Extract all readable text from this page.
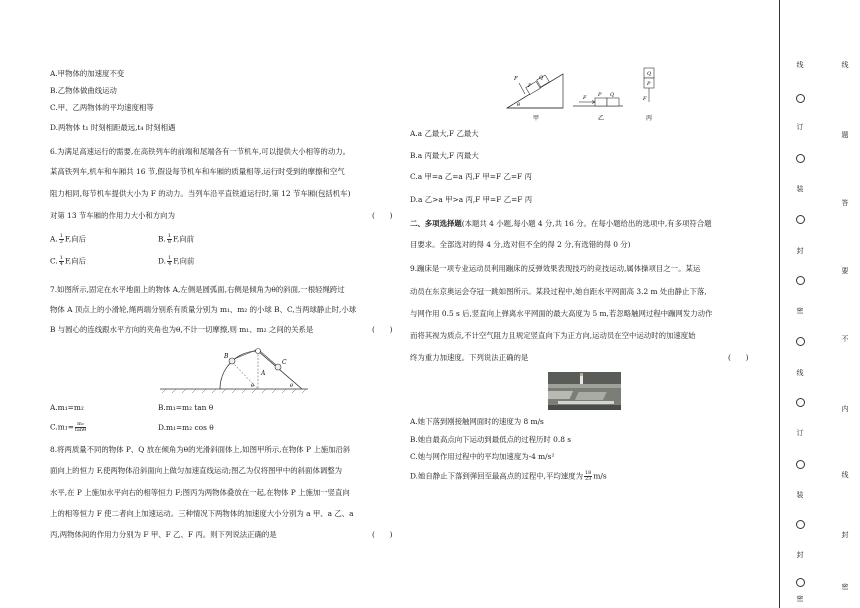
A.甲物体的加速度不变
B.乙物体做曲线运动
C.甲、乙两物体的平均速度相等
D.两物体 t₁ 时刻相距最远,t₄ 时刻相遇
6.为满足高速运行的需要,在高铁列车的前端和尾端各有一节机车,可以提供大小相等的动力。
某高铁列车,机车和车厢共 16 节,假设每节机车和车厢的质量相等,运行时受到的摩擦和空气
阻力相同,每节机车提供大小为 F 的动力。当列车沿平直铁道运行时,第 12 节车厢(包括机车)
对第 13 节车厢的作用力大小和方向为	(　　)
A. $\frac{1}{2} F$,向后	B. $\frac{1}{8} F$,向前
C. $\frac{1}{4} F$,向后	D. $\frac{1}{4} F$,向前
7.如图所示,固定在水平地面上的物体 A,左侧是圆弧面,右侧是倾角为θ的斜面,一根轻绳跨过
物体 A 顶点上的小滑轮,绳两端分别系有质量分别为 m₁、m₂ 的小球 B、C,当两球静止时,小球
B 与圆心的连线跟水平方向的夹角也为θ,不计一切摩擦,则 m₁、m₂ 之间的关系是	(　　)
B
C
A
θ	θ
A.m₁=m₂	B.m₁=m₂ tan θ
$C.m_1= \frac{\text{m₂}}{\tan\theta}$	D.m₁=m₂ cos θ
8.将两质量不同的物体 P、Q 放在倾角为θ的光滑斜面体上,如图甲所示,在物体 P 上施加沿斜
面向上的恒力 F,使两物体沿斜面向上做匀加速直线运动;图乙为仅将图甲中的斜面体调整为
水平,在 P 上施加水平向右的相等恒力 F;图丙为两物体叠放在一起,在物体 P 上施加一竖直向
上的相等恒力 F 使二者向上加速运动。三种情况下两物体的加速度大小分别为 a 甲、a 乙、a
丙,两物体间的作用力分别为 F 甲、F 乙、F 丙。则下列说法正确的是	(　　)
F
P
Q
θ
甲
F P Q
乙
Q
P
F
丙
A.a 乙最大,F 乙最大
B.a 丙最大,F 丙最大
C.a 甲=a 乙=a 丙,F 甲=F 乙=F 丙
D.a 乙>a 甲>a 丙,F 甲=F 乙=F 丙
二、多项选择题(本题共 4 小题,每小题 4 分,共 16 分。在每小题给出的选项中,有多项符合题
目要求。全部选对的得 4 分,选对但不全的得 2 分,有选错的得 0 分)
9.蹦床是一项专业运动员利用蹦床的反弹效果表现技巧的竞技运动,属体操项目之一。某运
动员在东京奥运会夺冠一跳如图所示。某段过程中,她自距水平网面高 3.2 m 处由静止下落,
与网作用 0.5 s 后,竖直向上弹离水平网面的最大高度为 5 m,若忽略触网过程中蹦网发力动作
而将其视为质点,不计空气阻力且规定竖直向下为正方向,运动员在空中运动时的加速度始
终为重力加速度。下列说法正确的是	(　　)
A.她下落到刚接触网面时的速度为 8 m/s
B.她自最高点向下运动到最低点的过程历时 0.8 s
C.她与网作用过程中的平均加速度为-4 m/s²
D.她自静止下落到弹回至最高点的过程中,平均速度为 $\frac{18}{23} m/s$
线
订
装
封
密
线
订
装
封
密
线
题
答
要
不
内
线
封
密
